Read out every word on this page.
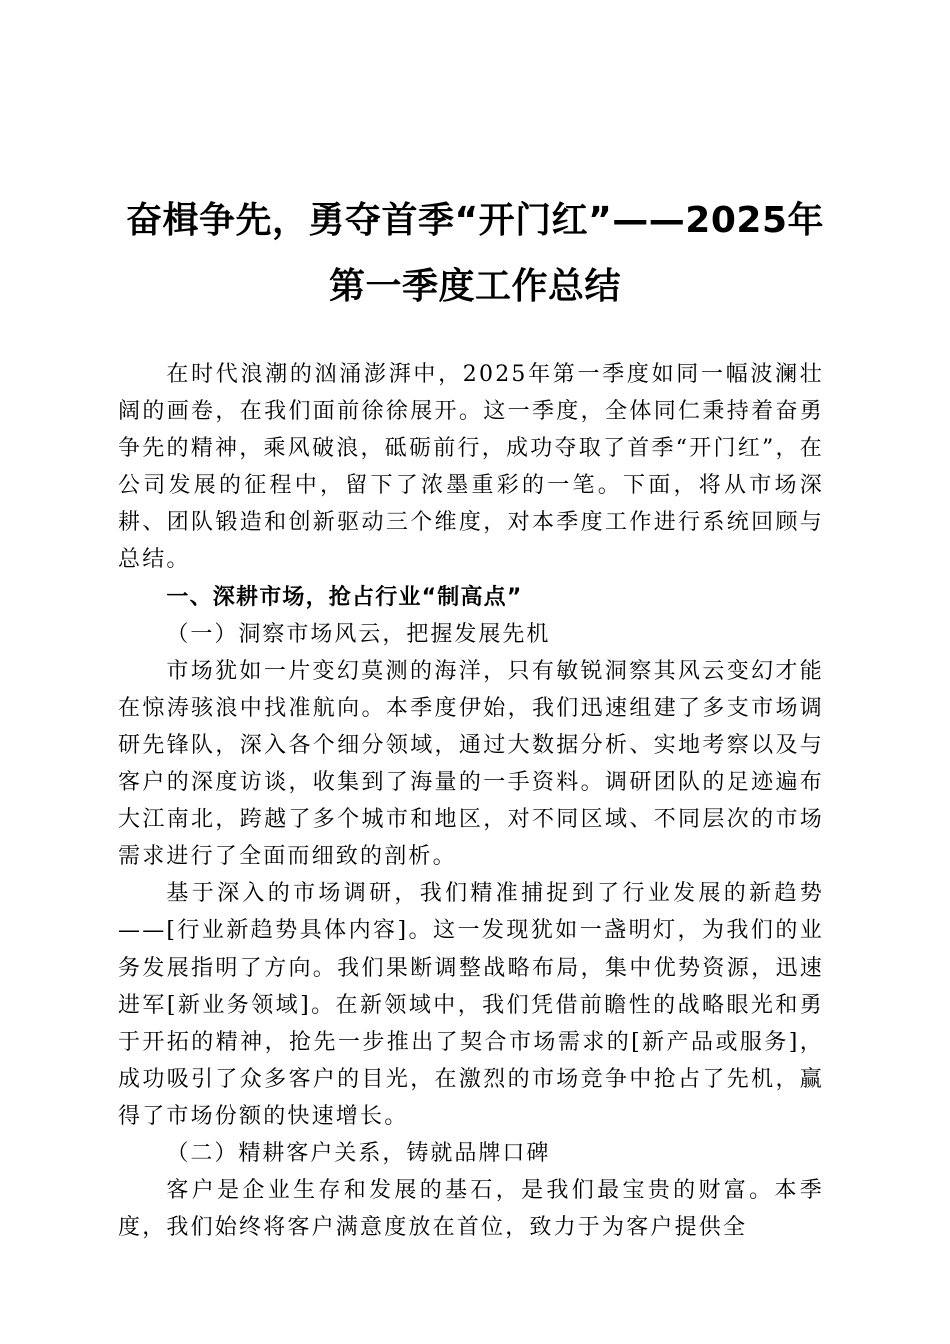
奋楫争先，勇夺首季“开门红”——2025年
第一季度工作总结

在时代浪潮的汹涌澎湃中，2025年第一季度如同一幅波澜壮阔的画卷，在我们面前徐徐展开。这一季度，全体同仁秉持着奋勇争先的精神，乘风破浪，砥砺前行，成功夺取了首季“开门红”，在公司发展的征程中，留下了浓墨重彩的一笔。下面，将从市场深耕、团队锻造和创新驱动三个维度，对本季度工作进行系统回顾与总结。

一、深耕市场，抢占行业“制高点”
（一）洞察市场风云，把握发展先机

市场犹如一片变幻莫测的海洋，只有敏锐洞察其风云变幻才能在惊涛骇浪中找准航向。本季度伊始，我们迅速组建了多支市场调研先锋队，深入各个细分领域，通过大数据分析、实地考察以及与客户的深度访谈，收集到了海量的一手资料。调研团队的足迹遍布大江南北，跨越了多个城市和地区，对不同区域、不同层次的市场需求进行了全面而细致的剖析。

基于深入的市场调研，我们精准捕捉到了行业发展的新趋势——[行业新趋势具体内容]。这一发现犹如一盏明灯，为我们的业务发展指明了方向。我们果断调整战略布局，集中优势资源，迅速进军[新业务领域]。在新领域中，我们凭借前瞻性的战略眼光和勇于开拓的精神，抢先一步推出了契合市场需求的[新产品或服务]，成功吸引了众多客户的目光，在激烈的市场竞争中抢占了先机，赢得了市场份额的快速增长。

（二）精耕客户关系，铸就品牌口碑

客户是企业生存和发展的基石，是我们最宝贵的财富。本季度，我们始终将客户满意度放在首位，致力于为客户提供全
